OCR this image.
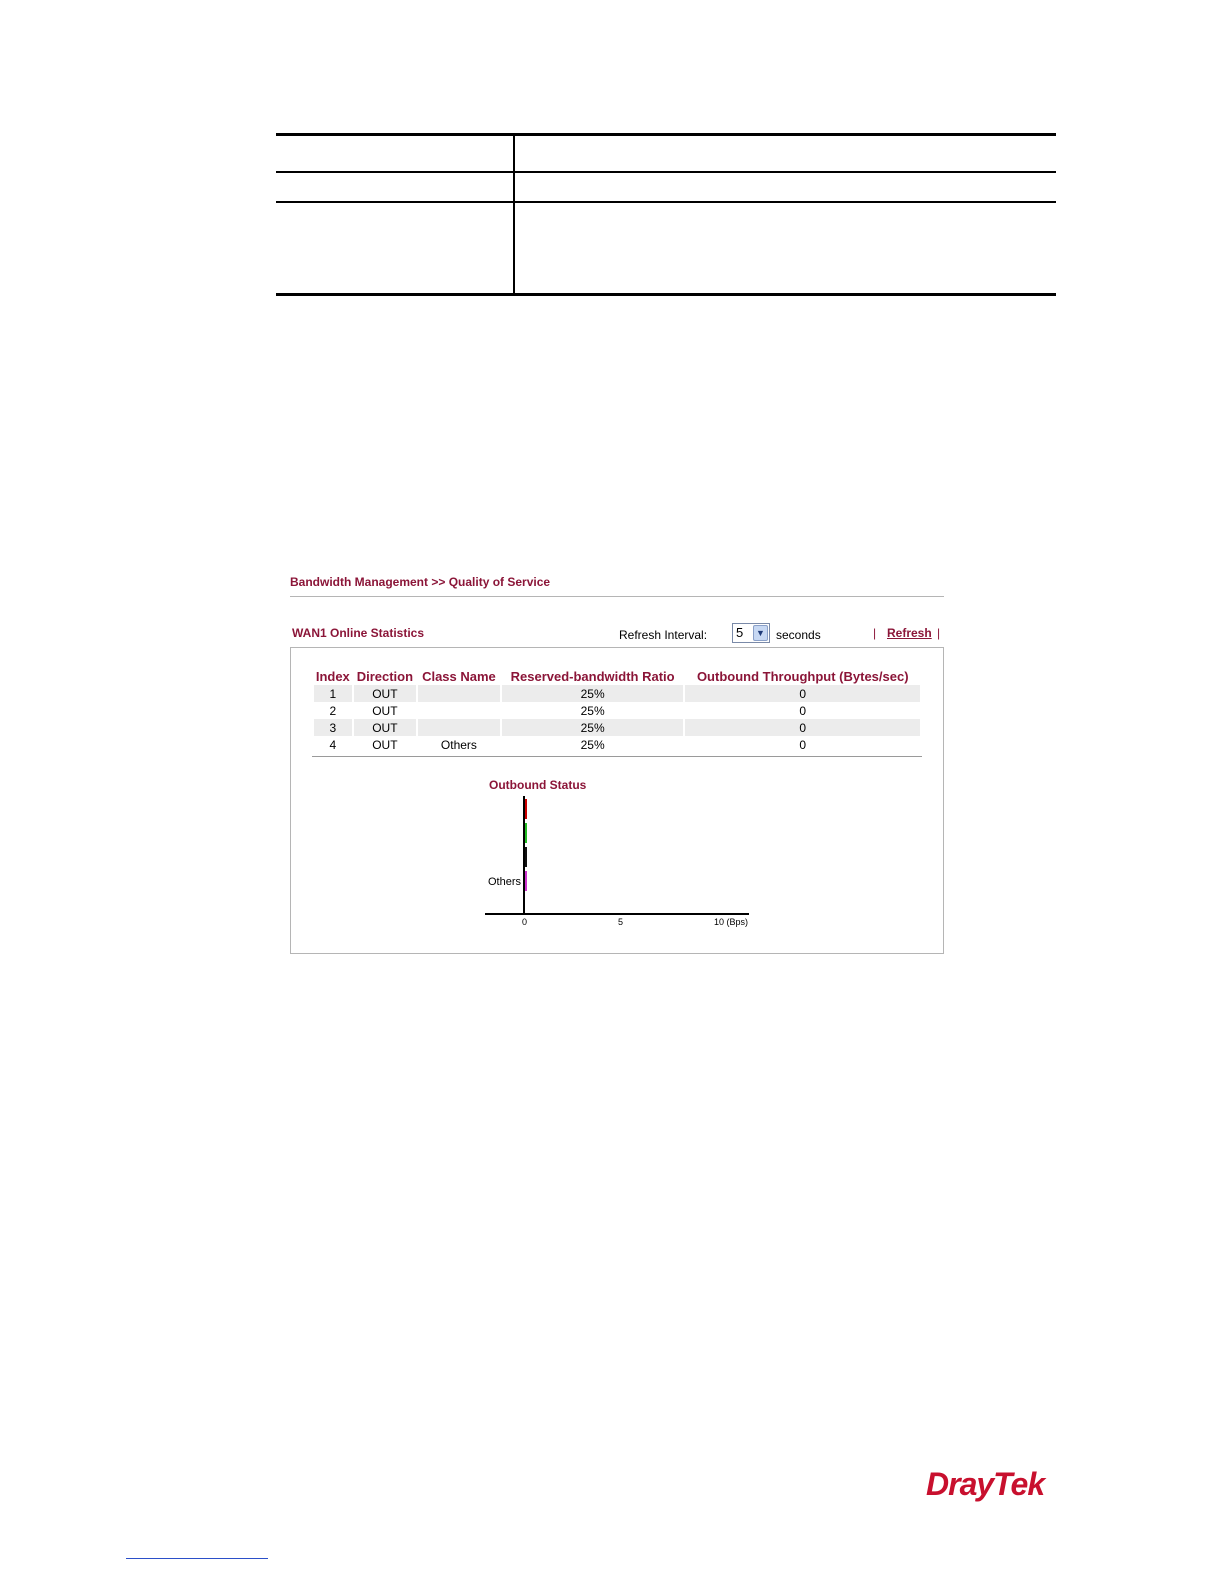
Bandwidth Management >> Quality of Service
WAN1 Online Statistics	Refresh Interval: 5	▼ seconds	| Refresh |
Index	Direction	Class Name	Reserved-bandwidth Ratio	Outbound Throughput (Bytes/sec)
1	OUT		25%	0
2	OUT		25%	0
3	OUT		25%	0
4	OUT	Others	25%	0
Outbound Status
Others
0	5	10 (Bps)
DrayTek
